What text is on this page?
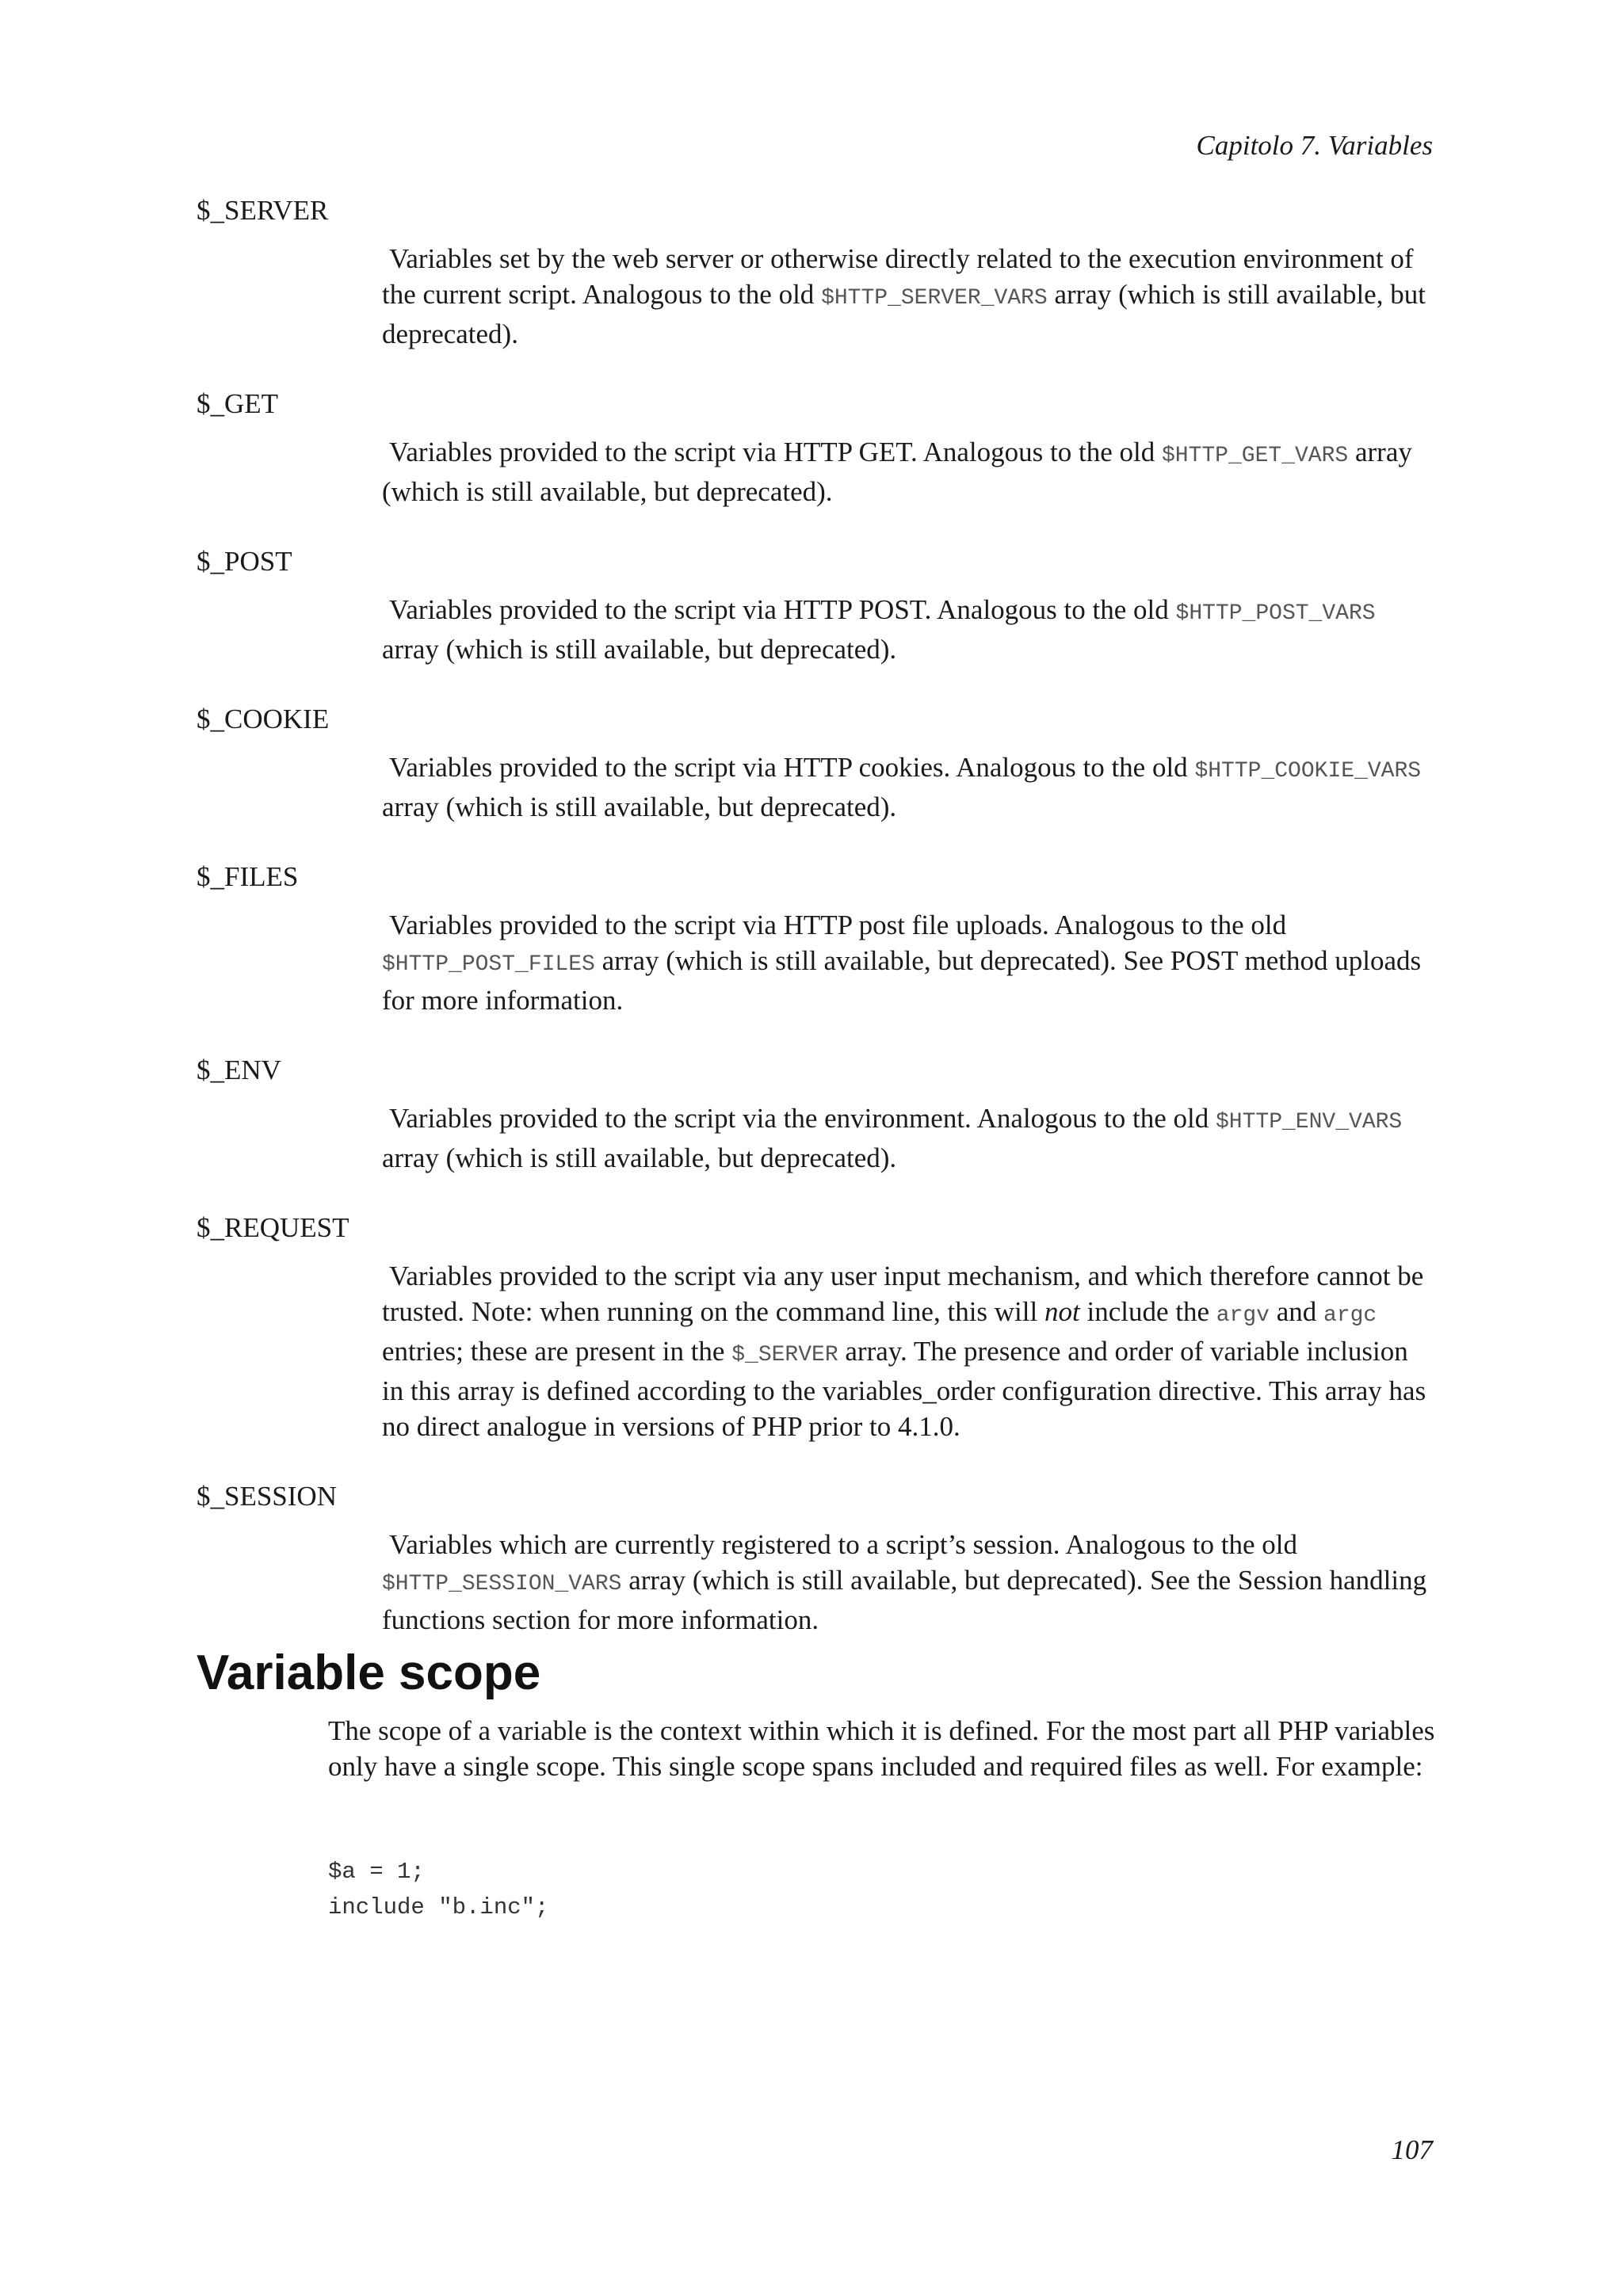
Capitolo 7. Variables
$_SERVER
Variables set by the web server or otherwise directly related to the execution environment of the current script. Analogous to the old $HTTP_SERVER_VARS array (which is still available, but deprecated).
$_GET
Variables provided to the script via HTTP GET. Analogous to the old $HTTP_GET_VARS array (which is still available, but deprecated).
$_POST
Variables provided to the script via HTTP POST. Analogous to the old $HTTP_POST_VARS array (which is still available, but deprecated).
$_COOKIE
Variables provided to the script via HTTP cookies. Analogous to the old $HTTP_COOKIE_VARS array (which is still available, but deprecated).
$_FILES
Variables provided to the script via HTTP post file uploads. Analogous to the old $HTTP_POST_FILES array (which is still available, but deprecated). See POST method uploads for more information.
$_ENV
Variables provided to the script via the environment. Analogous to the old $HTTP_ENV_VARS array (which is still available, but deprecated).
$_REQUEST
Variables provided to the script via any user input mechanism, and which therefore cannot be trusted. Note: when running on the command line, this will not include the argv and argc entries; these are present in the $_SERVER array. The presence and order of variable inclusion in this array is defined according to the variables_order configuration directive. This array has no direct analogue in versions of PHP prior to 4.1.0.
$_SESSION
Variables which are currently registered to a script’s session. Analogous to the old $HTTP_SESSION_VARS array (which is still available, but deprecated). See the Session handling functions section for more information.
Variable scope

The scope of a variable is the context within which it is defined. For the most part all PHP variables only have a single scope. This single scope spans included and required files as well. For example:

$a = 1;
include "b.inc";
107
